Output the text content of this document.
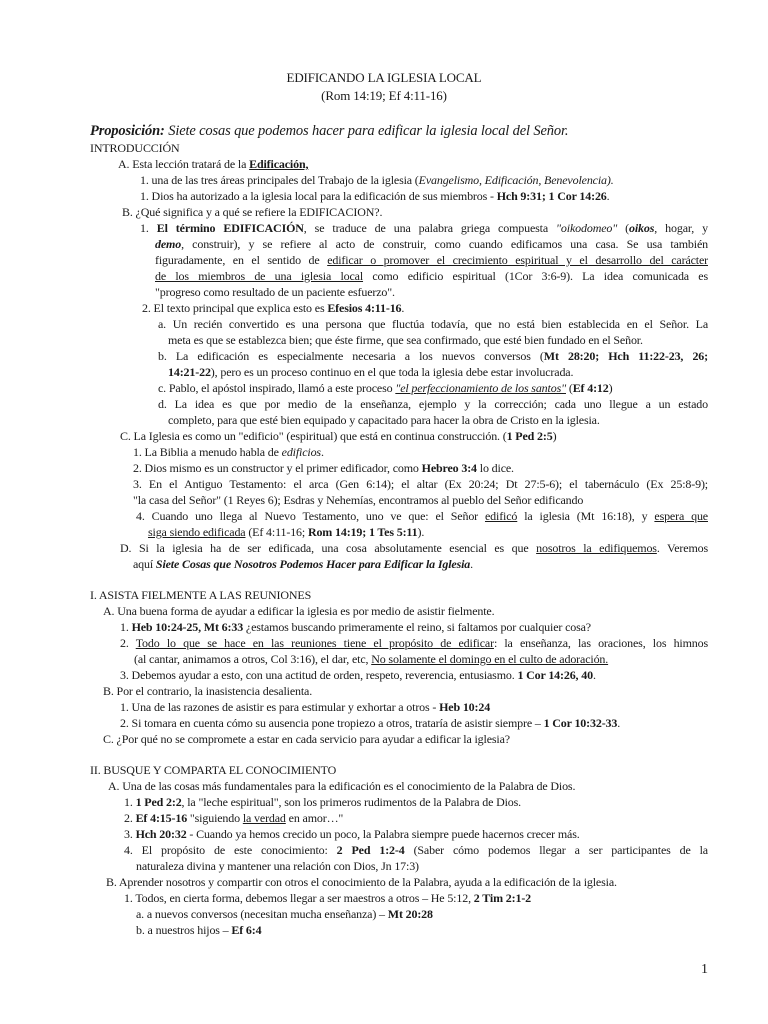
EDIFICANDO LA IGLESIA LOCAL
(Rom 14:19; Ef 4:11-16)
Proposición: Siete cosas que podemos hacer para edificar la iglesia local del Señor.
INTRODUCCIÓN
A. Esta lección tratará de la Edificación,
1. una de las tres áreas principales del Trabajo de la iglesia (Evangelismo, Edificación, Benevolencia).
1. Dios ha autorizado a la iglesia local para la edificación de sus miembros - Hch 9:31; 1 Cor 14:26.
B. ¿Qué significa y a qué se refiere la EDIFICACION?.
1. El término EDIFICACIÓN, se traduce de una palabra griega compuesta "oikodomeo" (oikos, hogar, y
demo, construir), y se refiere al acto de construir, como cuando edificamos una casa. Se usa también
figuradamente, en el sentido de edificar o promover el crecimiento espiritual y el desarrollo del carácter
de los miembros de una iglesia local como edificio espiritual (1Cor 3:6-9). La idea comunicada es
"progreso como resultado de un paciente esfuerzo".
2. El texto principal que explica esto es Efesios 4:11-16.
a. Un recién convertido es una persona que fluctúa todavía, que no está bien establecida en el Señor. La
meta es que se establezca bien; que éste firme, que sea confirmado, que esté bien fundado en el Señor.
b. La edificación es especialmente necesaria a los nuevos conversos (Mt 28:20; Hch 11:22-23, 26;
14:21-22), pero es un proceso continuo en el que toda la iglesia debe estar involucrada.
c. Pablo, el apóstol inspirado, llamó a este proceso "el perfeccionamiento de los santos" (Ef 4:12)
d. La idea es que por medio de la enseñanza, ejemplo y la corrección; cada uno llegue a un estado
completo, para que esté bien equipado y capacitado para hacer la obra de Cristo en la iglesia.
C. La Iglesia es como un "edificio" (espiritual) que está en continua construcción. (1 Ped 2:5)
1. La Biblia a menudo habla de edificios.
2. Dios mismo es un constructor y el primer edificador, como Hebreo 3:4 lo dice.
3. En el Antiguo Testamento: el arca (Gen 6:14); el altar (Ex 20:24; Dt 27:5-6); el tabernáculo (Ex 25:8-9);
"la casa del Señor" (1 Reyes 6); Esdras y Nehemías, encontramos al pueblo del Señor edificando
4. Cuando uno llega al Nuevo Testamento, uno ve que: el Señor edificó la iglesia (Mt 16:18), y espera que
siga siendo edificada (Ef 4:11-16; Rom 14:19; 1 Tes 5:11).
D. Si la iglesia ha de ser edificada, una cosa absolutamente esencial es que nosotros la edifiquemos. Veremos
aquí Siete Cosas que Nosotros Podemos Hacer para Edificar la Iglesia.
I. ASISTA FIELMENTE A LAS REUNIONES
A. Una buena forma de ayudar a edificar la iglesia es por medio de asistir fielmente.
1. Heb 10:24-25, Mt 6:33 ¿estamos buscando primeramente el reino, si faltamos por cualquier cosa?
2. Todo lo que se hace en las reuniones tiene el propósito de edificar: la enseñanza, las oraciones, los himnos
(al cantar, animamos a otros, Col 3:16), el dar, etc, No solamente el domingo en el culto de adoración.
3. Debemos ayudar a esto, con una actitud de orden, respeto, reverencia, entusiasmo. 1 Cor 14:26, 40.
B. Por el contrario, la inasistencia desalienta.
1. Una de las razones de asistir es para estimular y exhortar a otros - Heb 10:24
2. Si tomara en cuenta cómo su ausencia pone tropiezo a otros, trataría de asistir siempre – 1 Cor 10:32-33.
C. ¿Por qué no se compromete a estar en cada servicio para ayudar a edificar la iglesia?
II. BUSQUE Y COMPARTA EL CONOCIMIENTO
A. Una de las cosas más fundamentales para la edificación es el conocimiento de la Palabra de Dios.
1. 1 Ped 2:2, la "leche espiritual", son los primeros rudimentos de la Palabra de Dios.
2. Ef 4:15-16 "siguiendo la verdad en amor…"
3. Hch 20:32 - Cuando ya hemos crecido un poco, la Palabra siempre puede hacernos crecer más.
4. El propósito de este conocimiento: 2 Ped 1:2-4 (Saber cómo podemos llegar a ser participantes de la
naturaleza divina y mantener una relación con Dios, Jn 17:3)
B. Aprender nosotros y compartir con otros el conocimiento de la Palabra, ayuda a la edificación de la iglesia.
1. Todos, en cierta forma, debemos llegar a ser maestros a otros – He 5:12, 2 Tim 2:1-2
a. a nuevos conversos (necesitan mucha enseñanza) – Mt 20:28
b. a nuestros hijos – Ef 6:4
1
